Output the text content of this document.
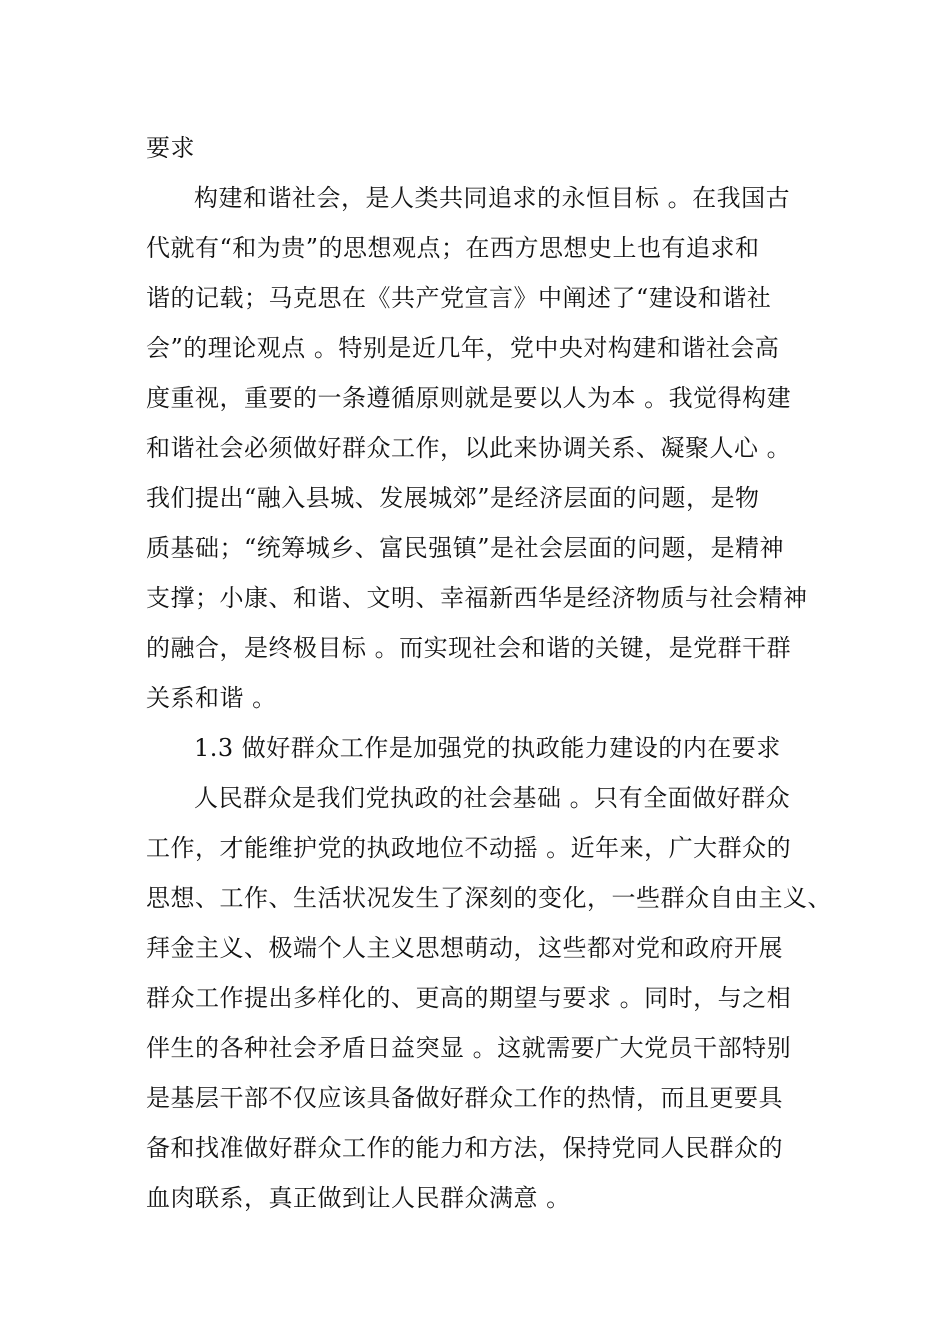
要求
构建和谐社会，是人类共同追求的永恒目标 。在我国古
代就有“和为贵”的思想观点；在西方思想史上也有追求和
谐的记载；马克思在《共产党宣言》中阐述了“建设和谐社
会”的理论观点 。特别是近几年，党中央对构建和谐社会高
度重视，重要的一条遵循原则就是要以人为本 。我觉得构建
和谐社会必须做好群众工作，以此来协调关系、凝聚人心 。
我们提出“融入县城、发展城郊”是经济层面的问题，是物
质基础；“统筹城乡、富民强镇”是社会层面的问题，是精神
支撑；小康、和谐、文明、幸福新西华是经济物质与社会精神
的融合，是终极目标 。而实现社会和谐的关键，是党群干群
关系和谐 。
1.3 做好群众工作是加强党的执政能力建设的内在要求
人民群众是我们党执政的社会基础 。只有全面做好群众
工作，才能维护党的执政地位不动摇 。近年来，广大群众的
思想、工作、生活状况发生了深刻的变化，一些群众自由主义、
拜金主义、极端个人主义思想萌动，这些都对党和政府开展
群众工作提出多样化的、更高的期望与要求 。同时，与之相
伴生的各种社会矛盾日益突显 。这就需要广大党员干部特别
是基层干部不仅应该具备做好群众工作的热情，而且更要具
备和找准做好群众工作的能力和方法，保持党同人民群众的
血肉联系，真正做到让人民群众满意 。
